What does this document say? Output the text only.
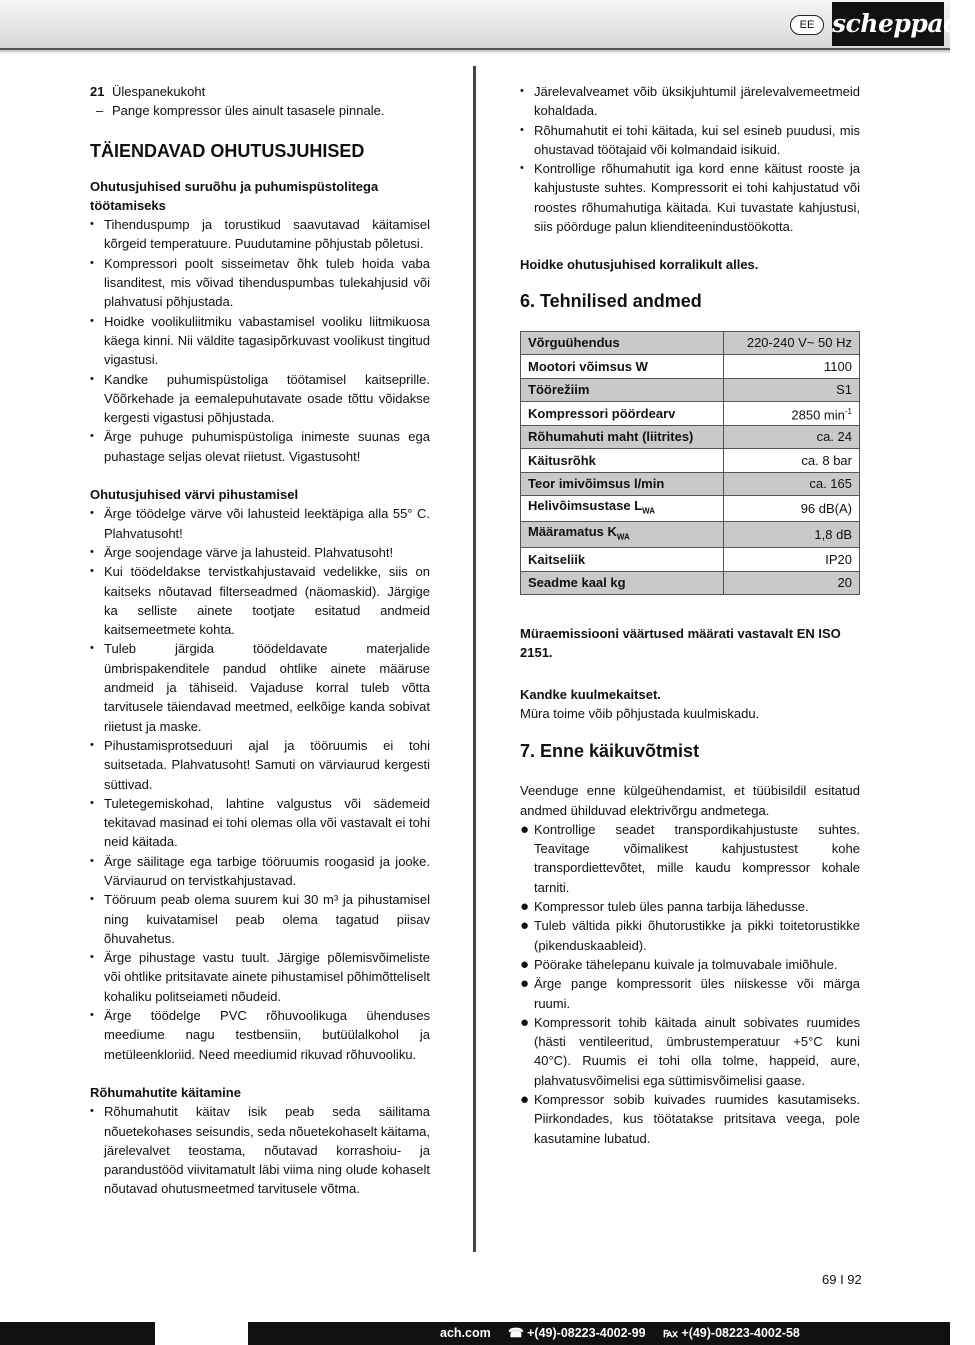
EE scheppach
21 Ülespanekukoht
– Pange kompressor üles ainult tasasele pinnale.
TÄIENDAVAD OHUTUSJUHISED

Ohutusjuhised suruõhu ja puhumispüstolitega töötamiseks

• Tihenduspump ja torustikud saavutavad käitamisel kõrgeid temperatuure. Puudutamine põhjustab põletusi.
• Kompressori poolt sisseimetav õhk tuleb hoida vaba lisanditest, mis võivad tihenduspumbas tulekahjusid või plahvatusi põhjustada.
• Hoidke voolikuliitmiku vabastamisel vooliku liitmikuosa käega kinni. Nii väldite tagasipõrkuvast voolikust tingitud vigastusi.
• Kandke puhumispüstoliga töötamisel kaitseprille. Võõrkehade ja eemalepuhutavate osade tõttu võidakse kergesti vigastusi põhjustada.
• Ärge puhuge puhumispüstoliga inimeste suunas ega puhastage seljas olevat riietust. Vigastusoht!

Ohutusjuhised värvi pihustamisel

• Ärge töödelge värve või lahusteid leektäpiga alla 55° C. Plahvatusoht!
• Ärge soojendage värve ja lahusteid. Plahvatusoht!
• Kui töödeldakse tervistkahjustavaid vedelikke, siis on kaitseks nõutavad filterseadmed (näomaskid). Järgige ka selliste ainete tootjate esitatud andmeid kaitsemeetmete kohta.
• Tuleb järgida töödeldavate materjalide ümbrispakenditele pandud ohtlike ainete määruse andmeid ja tähiseid. Vajaduse korral tuleb võtta tarvitusele täiendavad meetmed, eelkõige kanda sobivat riietust ja maske.
• Pihustamisprotseduuri ajal ja tööruumis ei tohi suitsetada. Plahvatusoht! Samuti on värviaurud kergesti süttivad.
• Tuletegemiskohad, lahtine valgustus või sädemeid tekitavad masinad ei tohi olemas olla või vastavalt ei tohi neid käitada.
• Ärge säilitage ega tarbige tööruumis roogasid ja jooke. Värviaurud on tervistkahjustavad.
• Tööruum peab olema suurem kui 30 m³ ja pihustamisel ning kuivatamisel peab olema tagatud piisav õhuvahetus.
• Ärge pihustage vastu tuult. Järgige põlemisvõimeliste või ohtlike pritsitavate ainete pihustamisel põhimõtteliselt kohaliku politseiameti nõudeid.
• Ärge töödelge PVC rõhuvoolikuga ühenduses meediume nagu testbensiin, butüülalkohol ja metüleenkloriid. Need meediumid rikuvad rõhuvooliku.

Rõhumahutite käitamine

• Rõhumahutit käitav isik peab seda säilitama nõuetekohases seisundis, seda nõuetekohaselt käitama, järelevalvet teostama, nõutavad korrashoiu- ja parandustööd viivitamatult läbi viima ning olude kohaselt nõutavad ohutusmeetmed tarvitusele võtma.
• Järelevalveamet võib üksikjuhtumil järelevalvemeetmeid kohaldada.
• Rõhumahutit ei tohi käitada, kui sel esineb puudusi, mis ohustavad töötajaid või kolmandaid isikuid.
• Kontrollige rõhumahutit iga kord enne käitust rooste ja kahjustuste suhtes. Kompressorit ei tohi kahjustatud või roostes rõhumahutiga käitada. Kui tuvastate kahjustusi, siis pöörduge palun klienditeenindustöökotta.

Hoidke ohutusjuhised korralikult alles.

6. Tehnilised andmed
Võrguühendus	220-240 V~ 50 Hz
Mootori võimsus W	1100
Töörežiim	S1
Kompressori pöördearv	2850 $\min^{-1}$
Rõhumahuti maht (liitrites)	ca. 24
Käitusrõhk	ca. 8 bar
Teor imivõimsus l/min	ca. 165
Helivõimsustase $L_{WA}$	96 dB(A)
Määramatus $K_{WA}$	1,8 dB
Kaitseliik	IP20
Seadme kaal kg	20

Müraemissiooni väärtused määrati vastavalt EN ISO 2151.

Kandke kuulmekaitset.

Müra toime võib põhjustada kuulmiskadu.

7. Enne käikuvõtmist

Veenduge enne külgeühendamist, et tüübisildil esitatud andmed ühilduvad elektrivõrgu andmetega.

● Kontrollige seadet transpordikahjustuste suhtes. Teavitage võimalikest kahjustustest kohe transpordiettevõtet, mille kaudu kompressor kohale tarniti.
● Kompressor tuleb üles panna tarbija lähedusse.
● Tuleb vältida pikki õhutorustikke ja pikki toitetorustikke (pikenduskaableid).
● Pöörake tähelepanu kuivale ja tolmuvabale imiõhule.
● Ärge pange kompressorit üles niiskesse või märga ruumi.
● Kompressorit tohib käitada ainult sobivates ruumides (hästi ventileeritud, ümbrustemperatuur +5°C kuni 40°C). Ruumis ei tohi olla tolme, happeid, aure, plahvatusvõimelisi ega süttimisvõimelisi gaase.
● Kompressor sobib kuivades ruumides kasutamiseks. Piirkondades, kus töötatakse pritsitava veega, pole kasutamine lubatud.
69 I 92
ach.com ☎ +(49)-08223-4002-99 ℻ +(49)-08223-4002-58
